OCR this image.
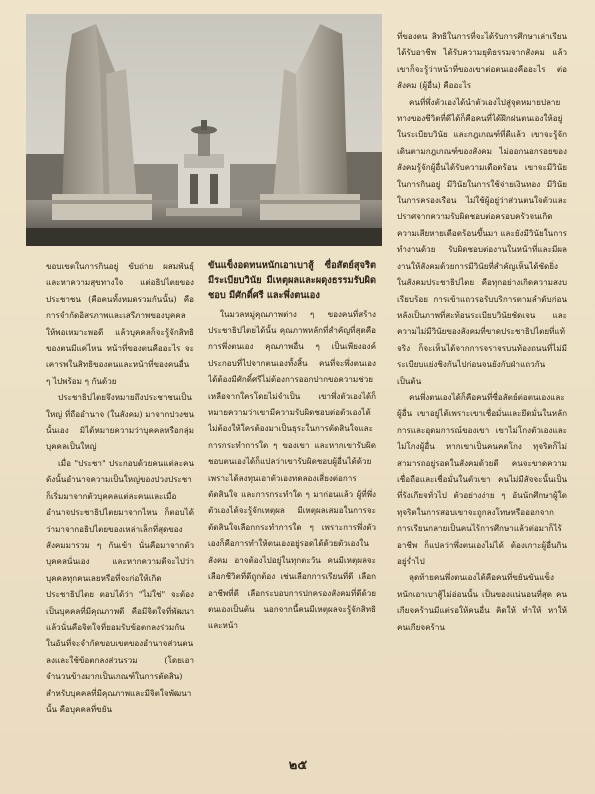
ขอบเขตในการกินอยู่ ขับถ่าย ผสมพันธุ์ และหาความสุขทางใจ แต่อธิปไตยของประชาชน (คือคนทั้งหมดรวมกันนั้น) คือ การจำกัดอิสรภาพและเสรีภาพของบุคคลให้พอเหมาะพอดี แล้วบุคคลก็จะรู้จักสิทธิ ของตนมีแค่ไหน หน้าที่ของตนคืออะไร จะเคารพในสิทธิของตนและหน้าที่ของคนอื่น ๆ ไปพร้อม ๆ กันด้วย

ประชาธิปไตยจึงหมายถึงประชาชนเป็นใหญ่ ที่ถืออำนาจ (ในสังคม) มาจากปวงชนนั้นเอง มิได้หมายความว่าบุคคลหรือกลุ่มบุคคลเป็นใหญ่

เมื่อ "ประชา" ประกอบด้วยคนแต่ละคน ดังนั้นอำนาจความเป็นใหญ่ของปวงประชา ก็เริ่มมาจากตัวบุคคลแต่ละคนและเมื่ออำนาจประชาธิปไตยมาจากไหน ก็ตอบได้ว่ามาจากอธิปไตยของเหล่าเล็กที่สุดของสังคมมารวม ๆ กันเข้า นั่นคือมาจากตัวบุคคลนั่นเอง และหากความดีจะไปว่าบุคคลทุกคนเลยหรือที่จะก่อให้เกิดประชาธิปไตย ตอบได้ว่า "ไม่ใช่" จะต้องเป็นบุคคลที่มีคุณภาพดี คือมีจิตใจที่พัฒนาแล้วนั่นคือจิตใจที่ยอมรับข้อตกลงร่วมกันในอันที่จะจำกัดขอบเขตของอำนาจส่วนตนลงและใช้ข้อตกลงส่วนรวม (โดยเอาจำนวนข้างมากเป็นเกณฑ์ในการตัดสิน)

สำหรับบุคคลที่มีคุณภาพและมีจิตใจพัฒนานั้น คือบุคคลที่ขยัน

ขันแข็งอดทนหนักเอาเบาสู้ ซื่อสัตย์สุจริต มีระเบียบวินัย มีเหตุผลและผดุงธรรมรับผิดชอบ มีศักดิ์ศรี และพึ่งตนเอง

ในมวลหมู่คุณภาพต่าง ๆ ของคนที่สร้างประชาธิปไตยได้นั้น คุณภาพหลักที่สำคัญที่สุดคือ การพึ่งตนเอง คุณภาพอื่น ๆ เป็นเพียงองค์ประกอบที่ไปจากตนเองทั้งสิ้น คนที่จะพึ่งตนเองได้ต้องมีศักดิ์ศรีไม่ต้องการออกปากขอความช่วยเหลือจากใครโดยไม่จำเป็น เขาพึ่งตัวเองได้ก็หมายความว่าเขามีความรับผิดชอบต่อตัวเองได้ ไม่ต้องให้ใครต้องมาเป็นธุระในการตัดสินใจและการกระทำการใด ๆ ของเขา และหากเขารับผิดชอบตนเองได้ก็แปลว่าเขารับผิดชอบผู้อื่นได้ด้วยเพราะได้ลงทุนเอาตัวเองทดลองเสี่ยงต่อการตัดสินใจ และการกระทำใด ๆ มาก่อนแล้ว ผู้ที่พึ่งตัวเองได้จะรู้จักเหตุผล มีเหตุผลเสมอในการจะตัดสินใจเลือกกระทำการใด ๆ เพราะการพึ่งตัวเองก็คือการทำให้ตนเองอยู่รอดได้ด้วยตัวเองในสังคม อาจต้องไปอยู่ในทุกตะวัน คนมีเหตุผลจะเลือกชีวิตที่ดีถูกต้อง เช่นเลือกการเรียนที่ดี เลือกอาชีพที่ดี เลือกระบอบการปกครองสังคมที่ดีด้วยตนเองเป็นต้น นอกจากนี้คนมีเหตุผลจะรู้จักสิทธิและหน้า

ที่ของตน สิทธิในการที่จะได้รับการศึกษาเล่าเรียน ได้รับอาชีพ ได้รับความยุติธรรมจากสังคม แล้วเขาก็จะรู้ว่าหน้าที่ของเขาต่อตนเองคืออะไร ต่อสังคม (ผู้อื่น) คืออะไร

คนที่พึ่งตัวเองได้นำตัวเองไปสู่จุดหมายปลายทางของชีวิตที่ดีได้ก็คือคนที่ได้ฝึกฝนตนเองให้อยู่ในระเบียบวินัย และกฎเกณฑ์ที่ดีแล้ว เขาจะรู้จักเดินตามกฎเกณฑ์ของสังคม ไม่ออกนอกรอยของสังคมรู้จักผู้อื่นได้รับความเดือดร้อน เขาจะมีวินัยในการกินอยู่ มีวินัยในการใช้จ่ายเงินทอง มีวินัยในการครองเรือน ไม่ใช้ผู้อยู่ว่าส่วนตนใจตัวและปราศจากความรับผิดชอบต่อครอบครัวจนเกิดความเสียหายเดือดร้อนขึ้นมา และยังมีวินัยในการทำงานด้วย รับผิดชอบต่องานในหน้าที่และมีผลงานให้สังคมด้วยการมีวินัยที่สำคัญเห็นได้ชัดยิ่งในสังคมประชาธิปไตย คือทุกอย่างเกิดความสงบเรียบร้อย การเข้าแถวรอรับบริการตามลำดับก่อนหลังเป็นภาพที่สะท้อนระเบียบวินัยชัดเจน และความไม่มีวินัยของสังคมที่ขาดประชาธิปไตยที่แท้จริง ก็จะเห็นได้จากการจราจรบนท้องถนนที่ไม่มีระเบียบแย่งชิงกันไปก่อนจนยังกับฝ่าแถวกันเป็นต้น

คนพึ่งตนเองได้ก็คือคนที่ซื่อสัตย์ต่อตนเองและผู้อื่น เขาอยู่ได้เพราะเขาเชื่อมั่นและยึดมั่นในหลักการและอุดมการณ์ของเขา เขาไม่โกงตัวเองและไม่โกงผู้อื่น หากเขาเป็นคนคดโกง ทุจริตก็ไม่สามารถอยู่รอดในสังคมด้วยดี คนจะขาดความเชื่อถือและเชื่อมั่นในตัวเขา คนไม่มีสัจจะนั้นเป็นที่รังเกียจทั่วไป ตัวอย่างง่าย ๆ อันนักศึกษาผู้ใดทุจริตในการสอบเขาจะถูกลงโทษหรือออกจากการเรียนกลายเป็นคนไร้การศึกษาแล้วต่อมาก็ไร้อาชีพ ก็แปลว่าพึ่งตนเองไม่ได้ ต้องเกาะผู้อื่นกินอยู่ร่ำไป

ลุดท้ายคนพึ่งตนเองได้คือคนที่ขยันขันแข็ง หนักเอาเบาสู้ไม่อ่อนนั้น เป็นของแน่นอนที่สุด คนเกียจคร้านมีแต่รอให้คนอื่น คิดให้ ทำให้ หาให้ คนเกียจคร้าน

๒๕
